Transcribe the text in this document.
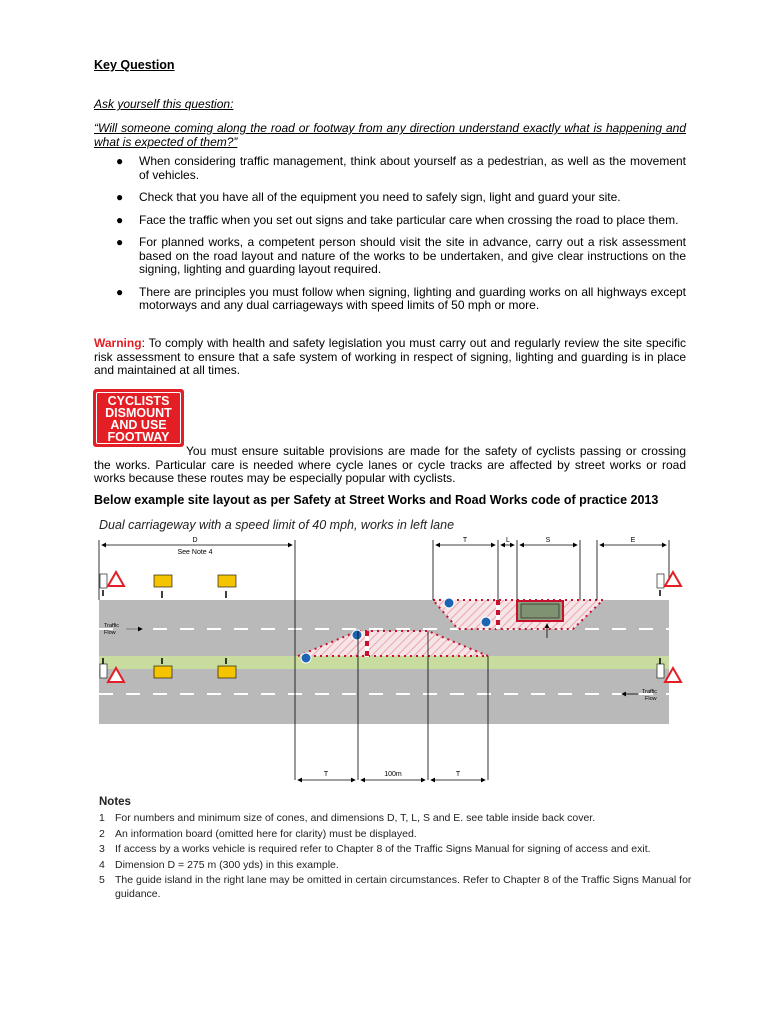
Key Question
Ask yourself this question:
“Will someone coming along the road or footway from any direction understand exactly what is happening and what is expected of them?”
● When considering traffic management, think about yourself as a pedestrian, as well as the movement of vehicles.
● Check that you have all of the equipment you need to safely sign, light and guard your site.
● Face the traffic when you set out signs and take particular care when crossing the road to place them.
● For planned works, a competent person should visit the site in advance, carry out a risk assessment based on the road layout and nature of the works to be undertaken, and give clear instructions on the signing, lighting and guarding layout required.
● There are principles you must follow when signing, lighting and guarding works on all highways except motorways and any dual carriageways with speed limits of 50 mph or more.
Warning: To comply with health and safety legislation you must carry out and regularly review the site specific risk assessment to ensure that a safe system of working in respect of signing, lighting and guarding is in place and maintained at all times.
CYCLISTS
DISMOUNT
AND USE
FOOTWAY
You must ensure suitable provisions are made for the safety of cyclists passing or crossing the works. Particular care is needed where cycle lanes or cycle tracks are affected by street works or road works because these routes may be especially popular with cyclists.
Below example site layout as per Safety at Street Works and Road Works code of practice 2013
Dual carriageway with a speed limit of 40 mph, works in left lane
D
See Note 4
T	L	S	E
T	100m	T
Traffic
Flow
Traffic
Flow
Notes
1 For numbers and minimum size of cones, and dimensions D, T, L, S and E. see table inside back cover.
2 An information board (omitted here for clarity) must be displayed.
3 If access by a works vehicle is required refer to Chapter 8 of the Traffic Signs Manual for signing of access and exit.
4 Dimension D = 275 m (300 yds) in this example.
5 The guide island in the right lane may be omitted in certain circumstances. Refer to Chapter 8 of the Traffic Signs Manual for guidance.
